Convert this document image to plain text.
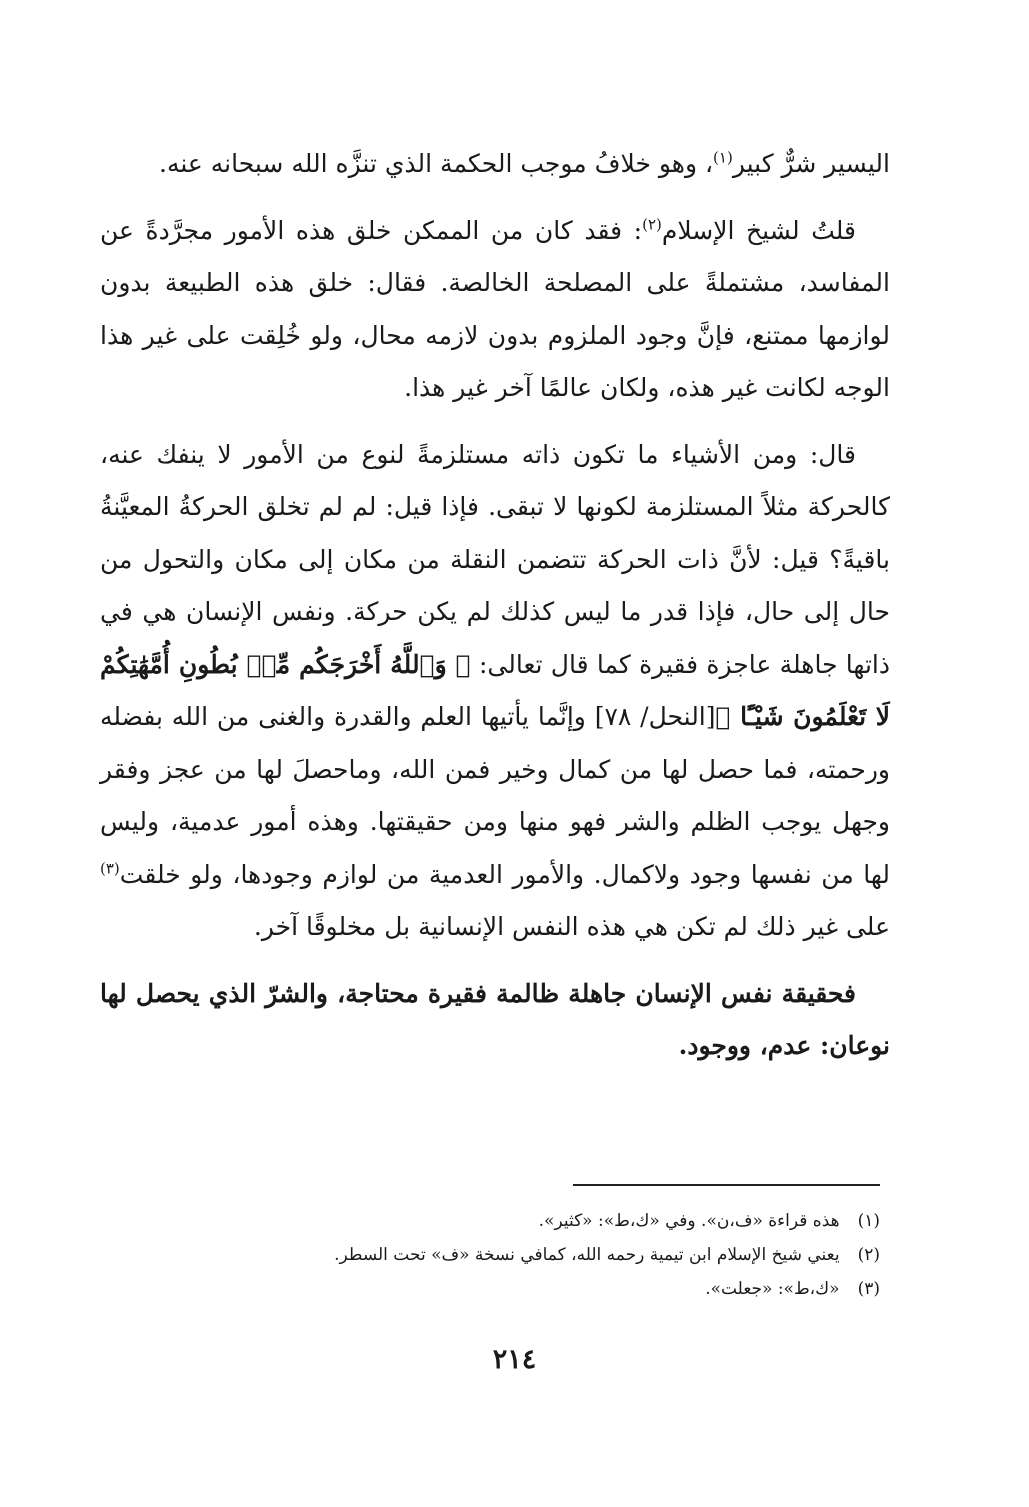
اليسير شرٌّ كبير$^{(١)}$، وهو خلافُ موجب الحكمة الذي تنزَّه الله سبحانه عنه.

قلتُ لشيخ الإسلام$^{(٢)}$: فقد كان من الممكن خلق هذه الأمور مجرَّدةً عن المفاسد، مشتملةً على المصلحة الخالصة. فقال: خلق هذه الطبيعة بدون لوازمها ممتنع، فإنَّ وجود الملزوم بدون لازمه محال، ولو خُلِقت على غير هذا الوجه لكانت غير هذه، ولكان عالمًا آخر غير هذا.

قال: ومن الأشياء ما تكون ذاته مستلزمةً لنوع من الأمور لا ينفك عنه، كالحركة مثلاً المستلزمة لكونها لا تبقى. فإذا قيل: لم لم تخلق الحركةُ المعيَّنةُ باقيةً؟ قيل: لأنَّ ذات الحركة تتضمن النقلة من مكان إلى مكان والتحول من حال إلى حال، فإذا قدر ما ليس كذلك لم يكن حركة. ونفس الإنسان هي في ذاتها جاهلة عاجزة فقيرة كما قال تعالى: ﴿ وَٱللَّهُ أَخْرَجَكُم مِّنۢ بُطُونِ أُمَّهَٰتِكُمْ لَا تَعْلَمُونَ شَيْـًٔا ﴾[النحل/ ٧٨] وإنَّما يأتيها العلم والقدرة والغنى من الله بفضله ورحمته، فما حصل لها من كمال وخير فمن الله، وماحصلَ لها من عجز وفقر وجهل يوجب الظلم والشر فهو منها ومن حقيقتها. وهذه أمور عدمية، وليس لها من نفسها وجود ولاكمال. والأمور العدمية من لوازم وجودها، ولو خلقت$^{(٣)}$ على غير ذلك لم تكن هي هذه النفس الإنسانية بل مخلوقًا آخر.

فحقيقة نفس الإنسان جاهلة ظالمة فقيرة محتاجة، والشرّ الذي يحصل لها نوعان: عدم، ووجود.

(١)
هذه قراءة «ف،ن». وفي «ك،ط»: «كثير».
(٢)
يعني شيخ الإسلام ابن تيمية رحمه الله، كمافي نسخة «ف» تحت السطر.
(٣)
«ك،ط»: «جعلت».
٢١٤
